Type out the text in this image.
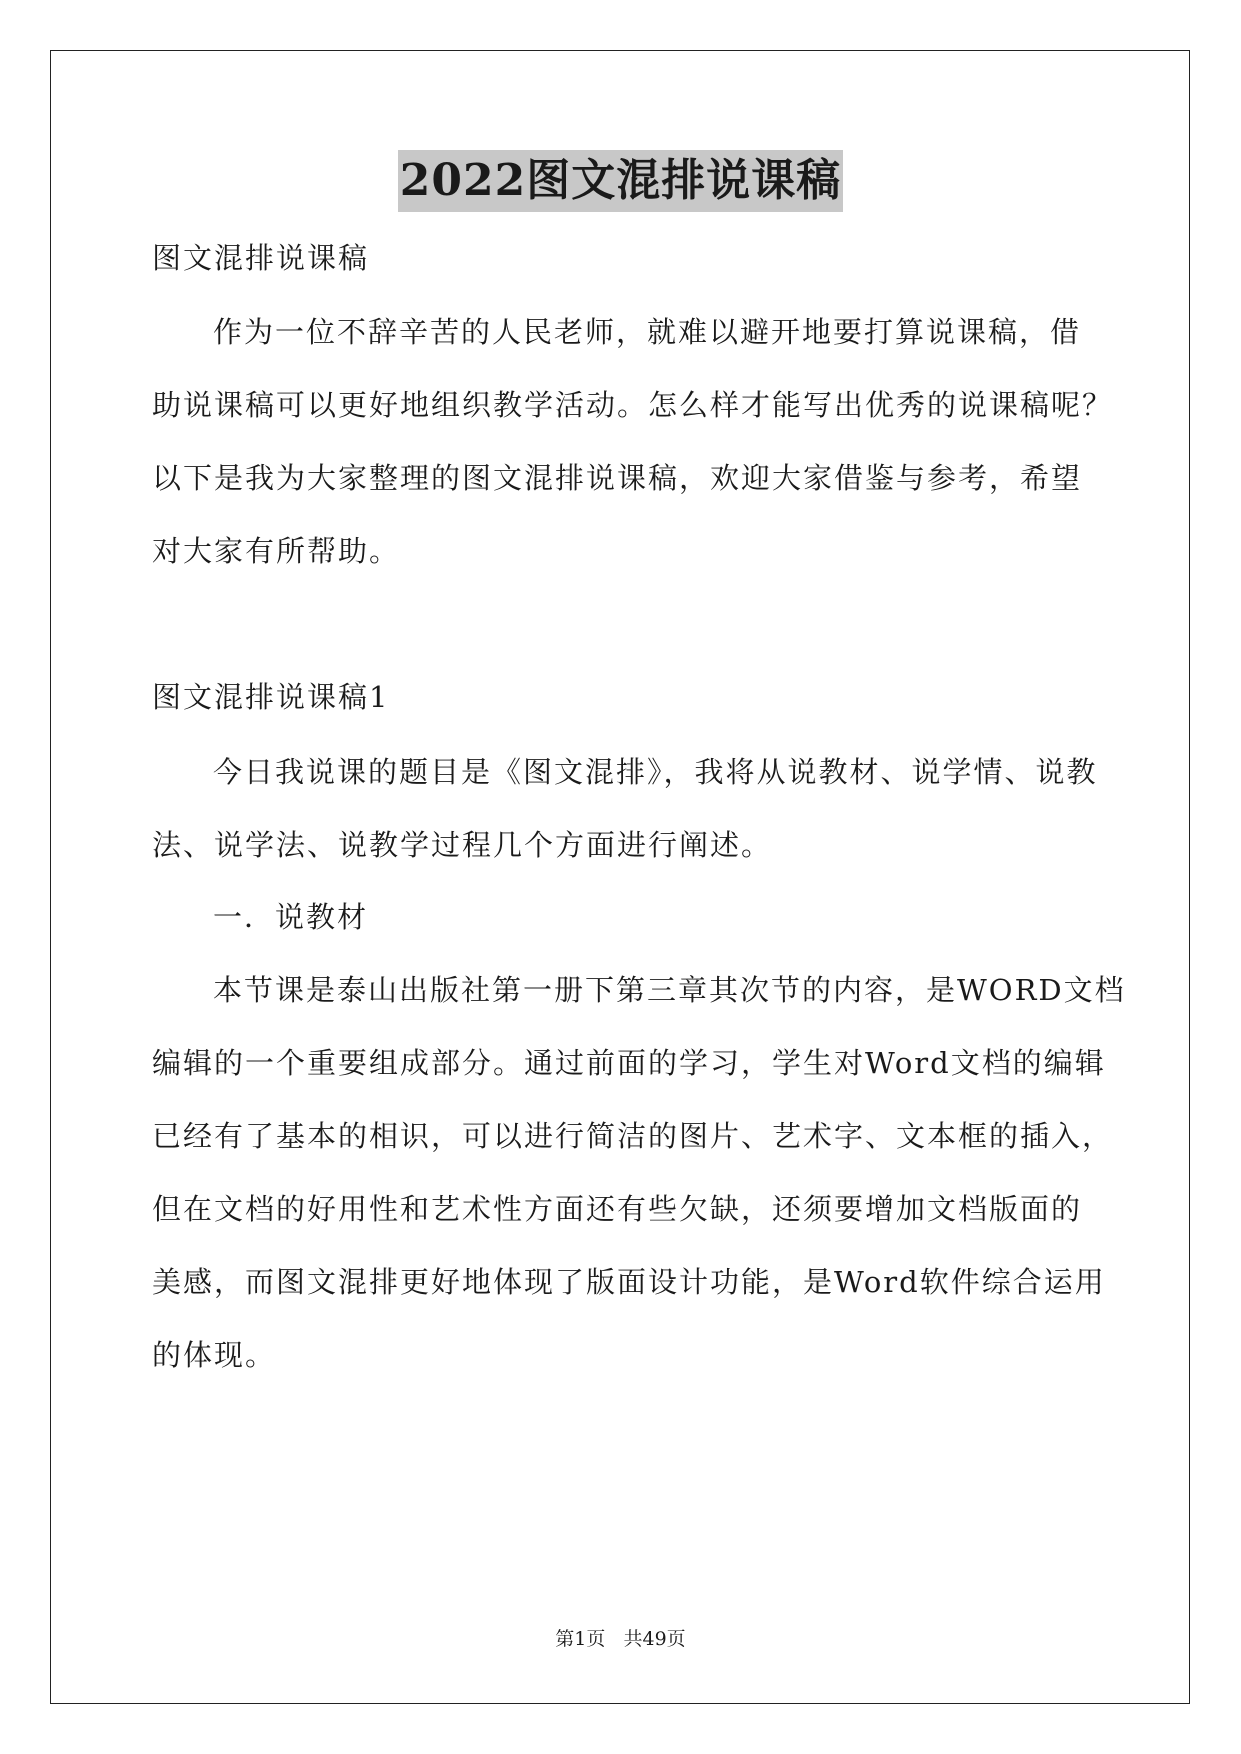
2022图文混排说课稿
图文混排说课稿
作为一位不辞辛苦的人民老师，就难以避开地要打算说课稿，借
助说课稿可以更好地组织教学活动。怎么样才能写出优秀的说课稿呢？
以下是我为大家整理的图文混排说课稿，欢迎大家借鉴与参考，希望
对大家有所帮助。
图文混排说课稿1
今日我说课的题目是《图文混排》，我将从说教材、说学情、说教
法、说学法、说教学过程几个方面进行阐述。
一．说教材
本节课是泰山出版社第一册下第三章其次节的内容，是WORD文档
编辑的一个重要组成部分。通过前面的学习，学生对Word文档的编辑
已经有了基本的相识，可以进行简洁的图片、艺术字、文本框的插入，
但在文档的好用性和艺术性方面还有些欠缺，还须要增加文档版面的
美感，而图文混排更好地体现了版面设计功能，是Word软件综合运用
的体现。
第1页   共49页
